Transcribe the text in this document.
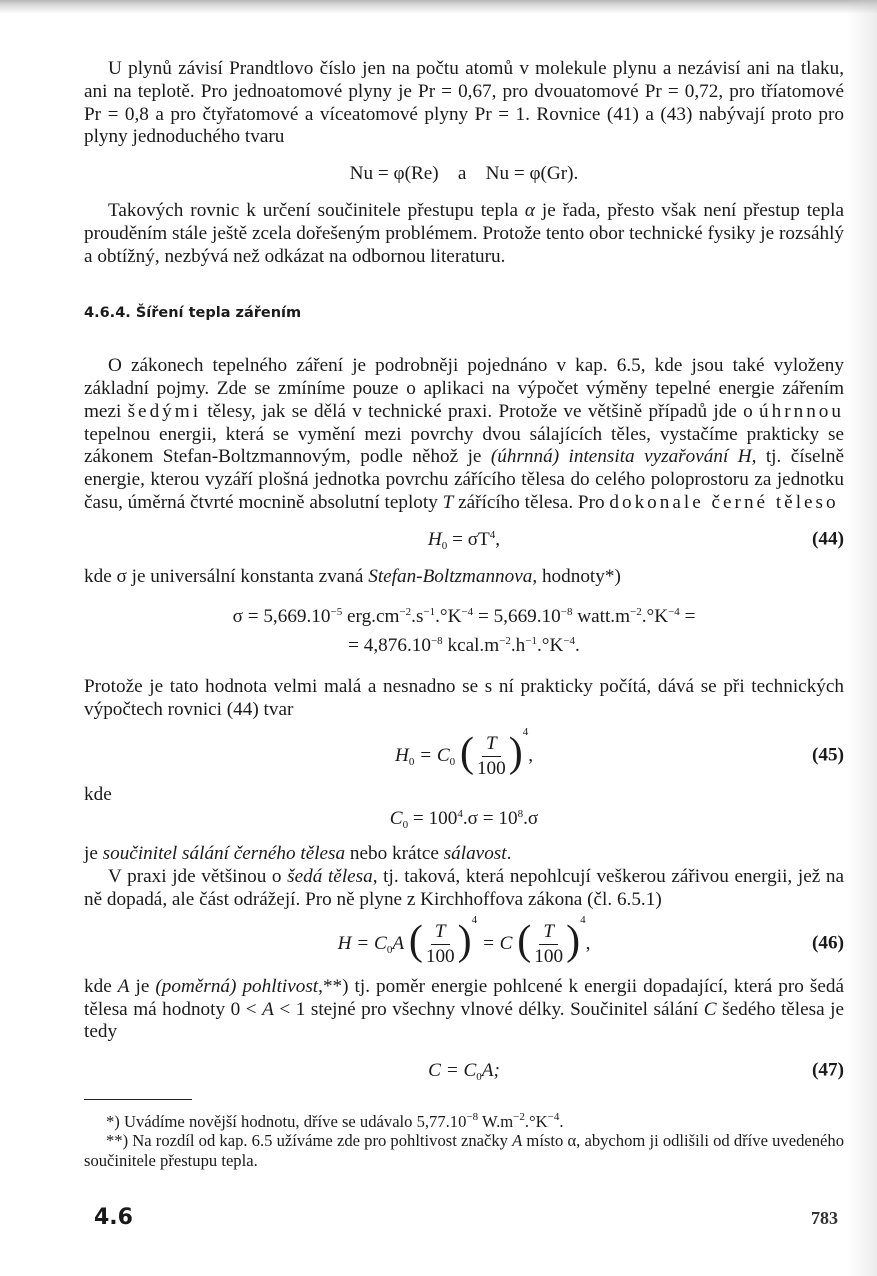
U plynů závisí Prandtlovo číslo jen na počtu atomů v molekule plynu a nezávisí ani na tlaku, ani na teplotě. Pro jednoatomové plyny je Pr = 0,67, pro dvouatomové Pr = 0,72, pro tříatomové Pr = 0,8 a pro čtyřatomové a víceatomové plyny Pr = 1. Rovnice (41) a (43) nabývají proto pro plyny jednoduchého tvaru

Nu = φ(Re) a Nu = φ(Gr).

Takových rovnic k určení součinitele přestupu tepla α je řada, přesto však není přestup tepla prouděním stále ještě zcela dořešeným problémem. Protože tento obor technické fysiky je rozsáhlý a obtížný, nezbývá než odkázat na odbornou literaturu.

4.6.4. Šíření tepla zářením

O zákonech tepelného záření je podrobněji pojednáno v kap. 6.5, kde jsou také vyloženy základní pojmy. Zde se zmíníme pouze o aplikaci na výpočet výměny tepelné energie zářením mezi šedými tělesy, jak se dělá v technické praxi. Protože ve většině případů jde o úhrnnou tepelnou energii, která se vymění mezi povrchy dvou sálajících těles, vystačíme prakticky se zákonem Stefan-Boltzmannovým, podle něhož je (úhrnná) intensita vyzařování H, tj. číselně energie, kterou vyzáří plošná jednotka povrchu zářícího tělesa do celého poloprostoru za jednotku času, úměrná čtvrté mocnině absolutní teploty T zářícího tělesa. Pro dokonale černé těleso

$H_0 = \sigma T^4$,	(44)

kde σ je universální konstanta zvaná Stefan-Boltzmannova, hodnoty*)

$\sigma = 5,669.10^{-5}$ $erg.cm^{-2}.s^{-1}.^\circ K^{-4} = 5,669.10^{-8}$ $watt.m^{-2}.^\circ K^{-4}$ =
= $4,876.10^{-8}$ $kcal.m^{-2}.h^{-1}.^\circ K^{-4}$.

Protože je tato hodnota velmi malá a nesnadno se s ní prakticky počítá, dává se při technických výpočtech rovnici (44) tvar

$H_0 = C_0$ ( $\frac{T}{100} )^4$,	(45)

kde

$C_0 = 100^4.\sigma = 10^8.\sigma$

je součinitel sálání černého tělesa nebo krátce sálavost.

V praxi jde většinou o šedá tělesa, tj. taková, která nepohlcují veškerou zářivou energii, jež na ně dopadá, ale část odrážejí. Pro ně plyne z Kirchhoffova zákona (čl. 6.5.1)

$H = C_0A$ ( $\frac{T}{100} )^4 = C$ ( $\frac{T}{100} )^4$,	(46)

kde A je (poměrná) pohltivost,**) tj. poměr energie pohlcené k energii dopadající, která pro šedá tělesa má hodnoty 0 < A < 1 stejné pro všechny vlnové délky. Součinitel sálání C šedého tělesa je tedy

$C = C_0A$;	(47)

*) Uvádíme novější hodnotu, dříve se udávalo $5,77.10^{-8}$ $W.m^{-2}.^\circ K^{-4}$.

**) Na rozdíl od kap. 6.5 užíváme zde pro pohltivost značky A místo α, abychom ji odlišili od dříve uvedeného součinitele přestupu tepla.

4.6	783
